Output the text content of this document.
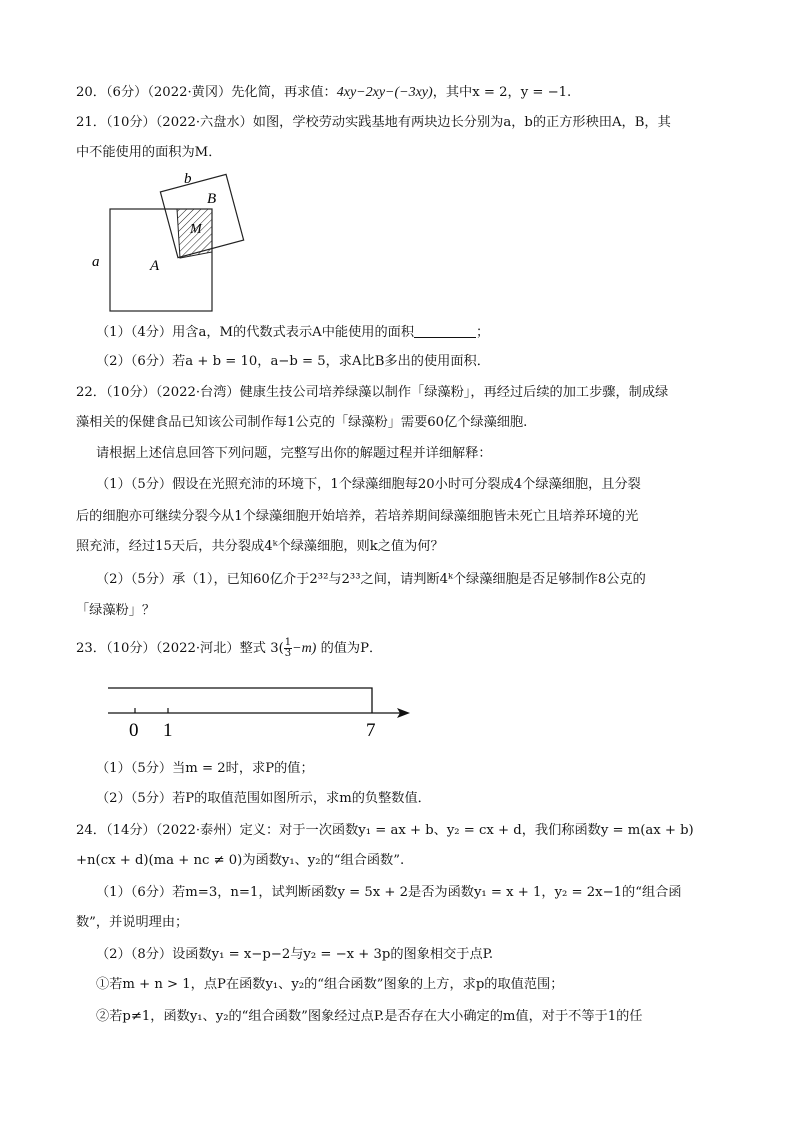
20．（6分）（2022·黄冈）先化简，再求值：4xy−2xy−(−3xy)，其中x = 2，y = −1.
21．（10分）（2022·六盘水）如图，学校劳动实践基地有两块边长分别为a，b的正方形秧田A，B，其
中不能使用的面积为M．
a	A
b
B
M
（1）（4分）用含a，M的代数式表示A中能使用的面积	；
（2）（6分）若a + b = 10，a−b = 5，求A比B多出的使用面积．
22．（10分）（2022·台湾）健康生技公司培养绿藻以制作「绿藻粉」，再经过后续的加工步骤，制成绿
藻相关的保健食品已知该公司制作每1公克的「绿藻粉」需要60亿个绿藻细胞.
请根据上述信息回答下列问题，完整写出你的解题过程并详细解释：
（1）（5分）假设在光照充沛的环境下，1个绿藻细胞每20小时可分裂成4个绿藻细胞，且分裂
后的细胞亦可继续分裂今从1个绿藻细胞开始培养，若培养期间绿藻细胞皆未死亡且培养环境的光
照充沛，经过15天后，共分裂成4ᵏ个绿藻细胞，则k之值为何？
（2）（5分）承（1），已知60亿介于2³²与2³³之间，请判断4ᵏ个绿藻细胞是否足够制作8公克的
「绿藻粉」？
23．（10分）（2022·河北）整式 $3( \frac{1}{3} -m)$ 的值为P．
0 1	7
（1）（5分）当m = 2时，求P的值；
（2）（5分）若P的取值范围如图所示，求m的负整数值．
24．（14分）（2022·泰州）定义：对于一次函数y₁ = ax + b、y₂ = cx + d，我们称函数y = m(ax + b)
+n(cx + d)(ma + nc ≠ 0)为函数y₁、y₂的“组合函数”.
（1）（6分）若m=3，n=1，试判断函数y = 5x + 2是否为函数y₁ = x + 1，y₂ = 2x−1的“组合函
数”，并说明理由；
（2）（8分）设函数y₁ = x−p−2与y₂ = −x + 3p的图象相交于点P.
①若m + n > 1，点P在函数y₁、y₂的“组合函数”图象的上方，求p的取值范围；
②若p≠1，函数y₁、y₂的“组合函数”图象经过点P.是否存在大小确定的m值，对于不等于1的任
